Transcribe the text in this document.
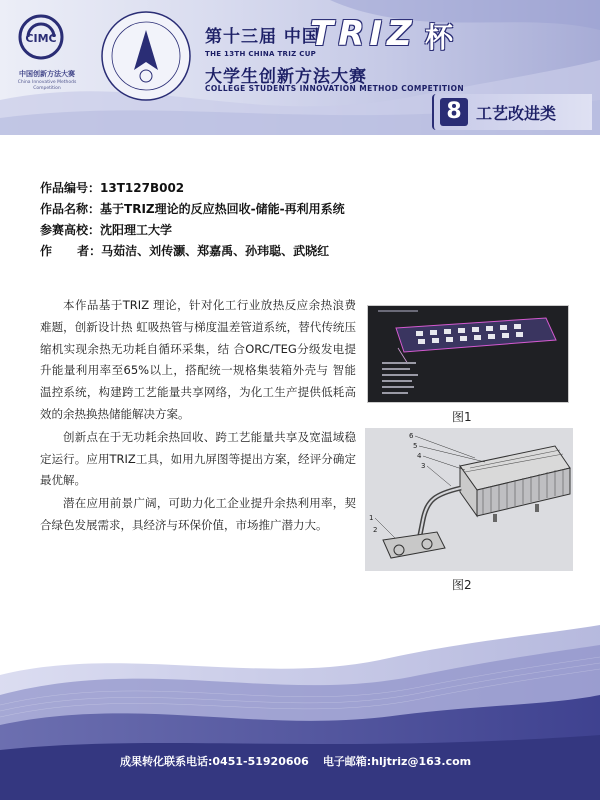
CIMC
中国创新方法大赛
China Innovative Methods Competition
第十三届 中国
TRIZ 杯
THE 13TH CHINA TRIZ CUP
大学生创新方法大赛
COLLEGE STUDENTS INNOVATION METHOD COMPETITION
8 工艺改进类
作品编号：13T127B002
作品名称：基于TRIZ理论的反应热回收-储能-再利用系统
参赛高校：沈阳理工大学
作      者：马茹洁、刘传灏、郑嘉禹、孙玮聪、武晓红

本作品基于TRIZ 理论，针对化工行业放热反应余热浪费难题，创新设计热 虹吸热管与梯度温差管道系统，替代传统压缩机实现余热无功耗自循环采集，结 合ORC/TEG分级发电提升能量利用率至65%以上，搭配统一规格集装箱外壳与 智能温控系统，构建跨工艺能量共享网络，为化工生产提供低耗高效的余热换热储能解决方案。

创新点在于无功耗余热回收、跨工艺能量共享及宽温域稳定运行。应用TRIZ工具，如用九屏图等提出方案，经评分确定最优解。

潜在应用前景广阔，可助力化工企业提升余热利用率，契合绿色发展需求，具经济与环保价值，市场推广潜力大。

图1
6
5
4
3
1
2
图2
成果转化联系电话:0451-51920606 电子邮箱:hljtriz@163.com
